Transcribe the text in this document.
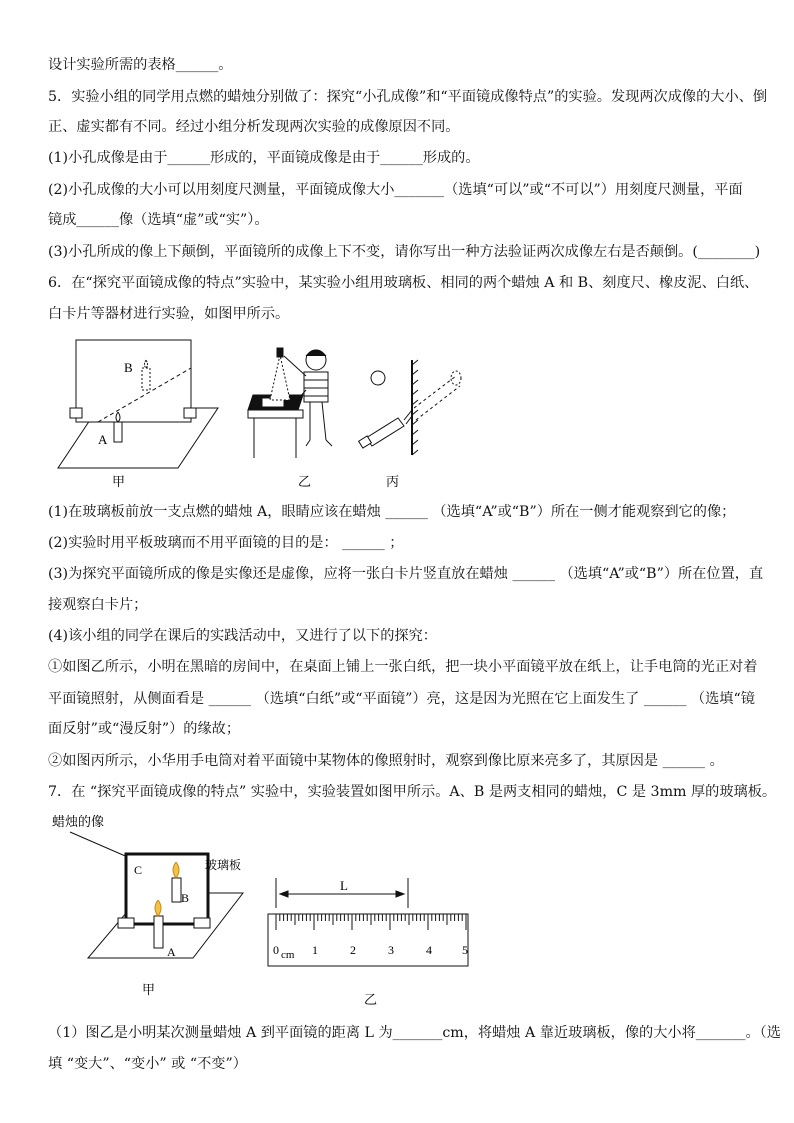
设计实验所需的表格______。
5．实验小组的同学用点燃的蜡烛分别做了：探究“小孔成像”和“平面镜成像特点”的实验。发现两次成像的大小、倒
正、虚实都有不同。经过小组分析发现两次实验的成像原因不同。
(1)小孔成像是由于______形成的，平面镜成像是由于______形成的。
(2)小孔成像的大小可以用刻度尺测量，平面镜成像大小_______（选填“可以”或“不可以”）用刻度尺测量，平面
镜成______像（选填“虚”或“实”）。
(3)小孔所成的像上下颠倒，平面镜所的成像上下不变，请你写出一种方法验证两次成像左右是否颠倒。(________)
6．在“探究平面镜成像的特点”实验中，某实验小组用玻璃板、相同的两个蜡烛 A 和 B、刻度尺、橡皮泥、白纸、
白卡片等器材进行实验，如图甲所示。
B
A
甲	乙	丙
(1)在玻璃板前放一支点燃的蜡烛 A，眼睛应该在蜡烛 ______ （选填“A”或“B”）所在一侧才能观察到它的像；
(2)实验时用平板玻璃而不用平面镜的目的是： ______ ；
(3)为探究平面镜所成的像是实像还是虚像，应将一张白卡片竖直放在蜡烛 ______ （选填“A”或“B”）所在位置，直
接观察白卡片；
(4)该小组的同学在课后的实践活动中，又进行了以下的探究：
①如图乙所示，小明在黑暗的房间中，在桌面上铺上一张白纸，把一块小平面镜平放在纸上，让手电筒的光正对着
平面镜照射，从侧面看是 ______ （选填“白纸”或“平面镜”）亮，这是因为光照在它上面发生了 ______ （选填“镜
面反射”或“漫反射”）的缘故；
②如图丙所示，小华用手电筒对着平面镜中某物体的像照射时，观察到像比原来亮多了，其原因是 ______ 。
7．在 “探究平面镜成像的特点” 实验中，实验装置如图甲所示。A、B 是两支相同的蜡烛，C 是 3mm 厚的玻璃板。
蜡烛的像
C	玻璃板
B
A
甲
L
0	1	2	3	4	5
cm
乙
（1）图乙是小明某次测量蜡烛 A 到平面镜的距离 L 为_______cm，将蜡烛 A 靠近玻璃板，像的大小将_______。（选
填 “变大”、“变小” 或 “不变”）
